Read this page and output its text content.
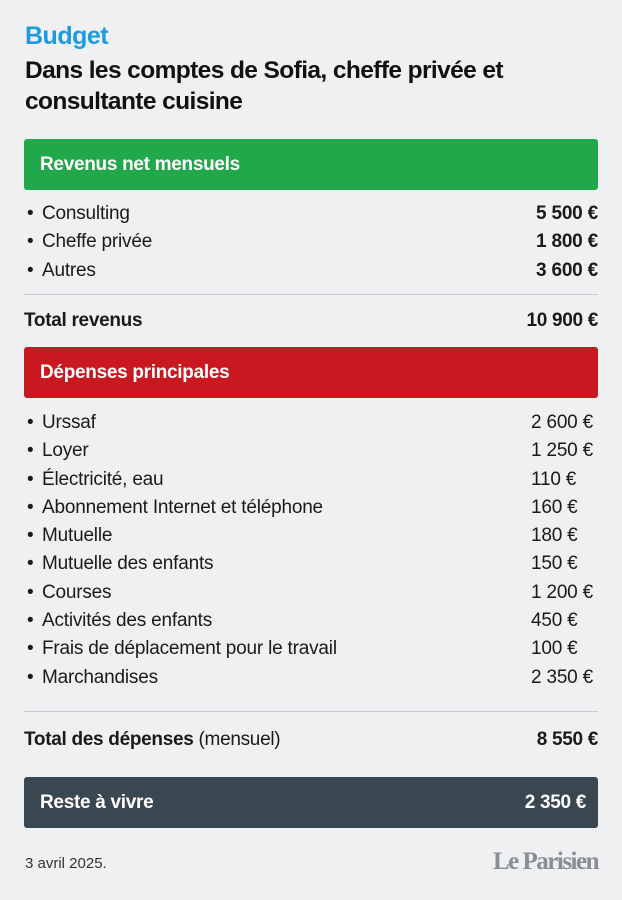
Budget
Dans les comptes de Sofia, cheffe privée et consultante cuisine
Revenus net mensuels
• Consulting	5 500 €
• Cheffe privée	1 800 €
• Autres	3 600 €
Total revenus	10 900 €
Dépenses principales
• Urssaf	2 600 €
• Loyer	1 250 €
• Électricité, eau	110 €
• Abonnement Internet et téléphone	160 €
• Mutuelle	180 €
• Mutuelle des enfants	150 €
• Courses	1 200 €
• Activités des enfants	450 €
• Frais de déplacement pour le travail	100 €
• Marchandises	2 350 €
Total des dépenses (mensuel)	8 550 €
Reste à vivre	2 350 €
3 avril 2025.	Le Parisien
